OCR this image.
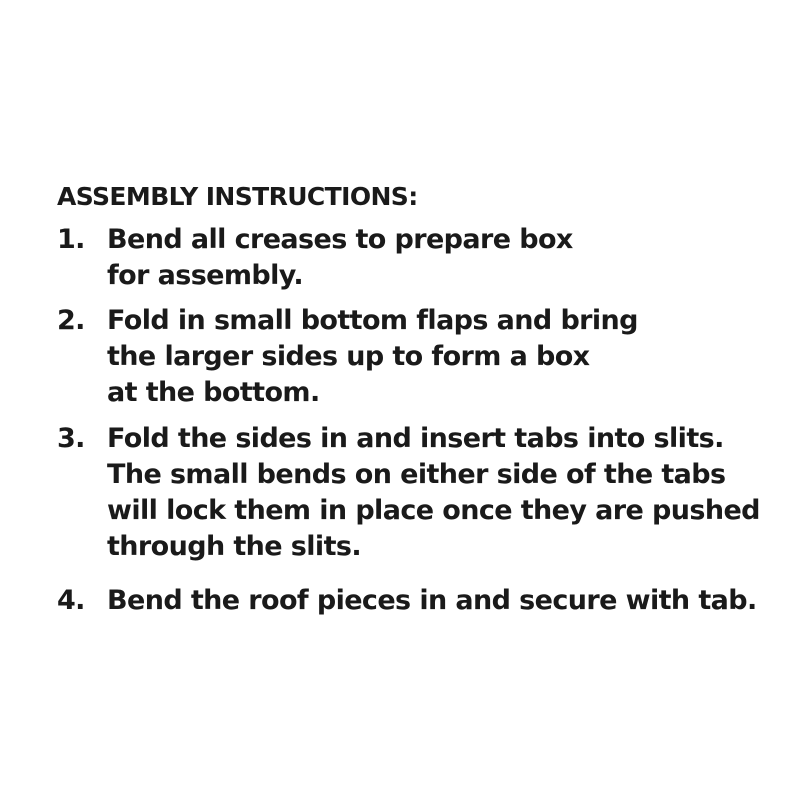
ASSEMBLY INSTRUCTIONS:
1. Bend all creases to prepare box
for assembly.
2. Fold in small bottom flaps and bring
the larger sides up to form a box
at the bottom.
3. Fold the sides in and insert tabs into slits.
The small bends on either side of the tabs
will lock them in place once they are pushed
through the slits.
4. Bend the roof pieces in and secure with tab.
